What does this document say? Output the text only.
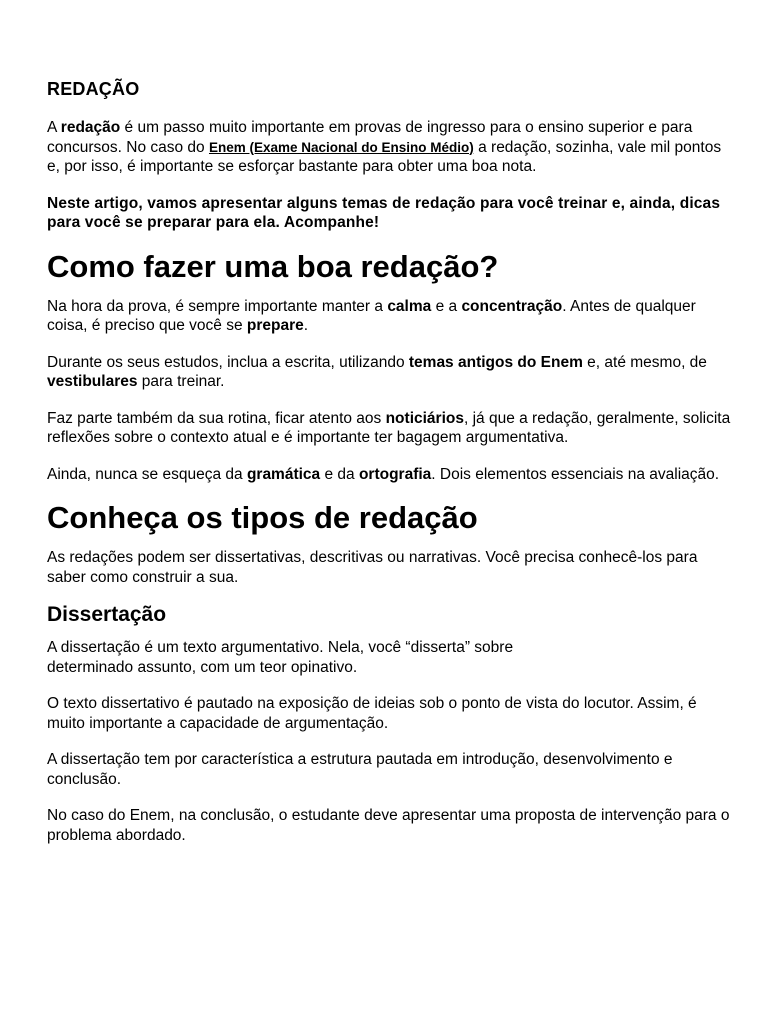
REDAÇÃO

A redação é um passo muito importante em provas de ingresso para o ensino superior e para concursos. No caso do Enem (Exame Nacional do Ensino Médio) a redação, sozinha, vale mil pontos e, por isso, é importante se esforçar bastante para obter uma boa nota.

Neste artigo, vamos apresentar alguns temas de redação para você treinar e, ainda, dicas para você se preparar para ela. Acompanhe!

Como fazer uma boa redação?

Na hora da prova, é sempre importante manter a calma e a concentração. Antes de qualquer coisa, é preciso que você se prepare.

Durante os seus estudos, inclua a escrita, utilizando temas antigos do Enem e, até mesmo, de vestibulares para treinar.

Faz parte também da sua rotina, ficar atento aos noticiários, já que a redação, geralmente, solicita reflexões sobre o contexto atual e é importante ter bagagem argumentativa.

Ainda, nunca se esqueça da gramática e da ortografia. Dois elementos essenciais na avaliação.

Conheça os tipos de redação

As redações podem ser dissertativas, descritivas ou narrativas. Você precisa conhecê-los para saber como construir a sua.

Dissertação

A dissertação é um texto argumentativo. Nela, você “disserta” sobre
determinado assunto, com um teor opinativo.

O texto dissertativo é pautado na exposição de ideias sob o ponto de vista do locutor. Assim, é muito importante a capacidade de argumentação.

A dissertação tem por característica a estrutura pautada em introdução, desenvolvimento e conclusão.

No caso do Enem, na conclusão, o estudante deve apresentar uma proposta de intervenção para o problema abordado.
